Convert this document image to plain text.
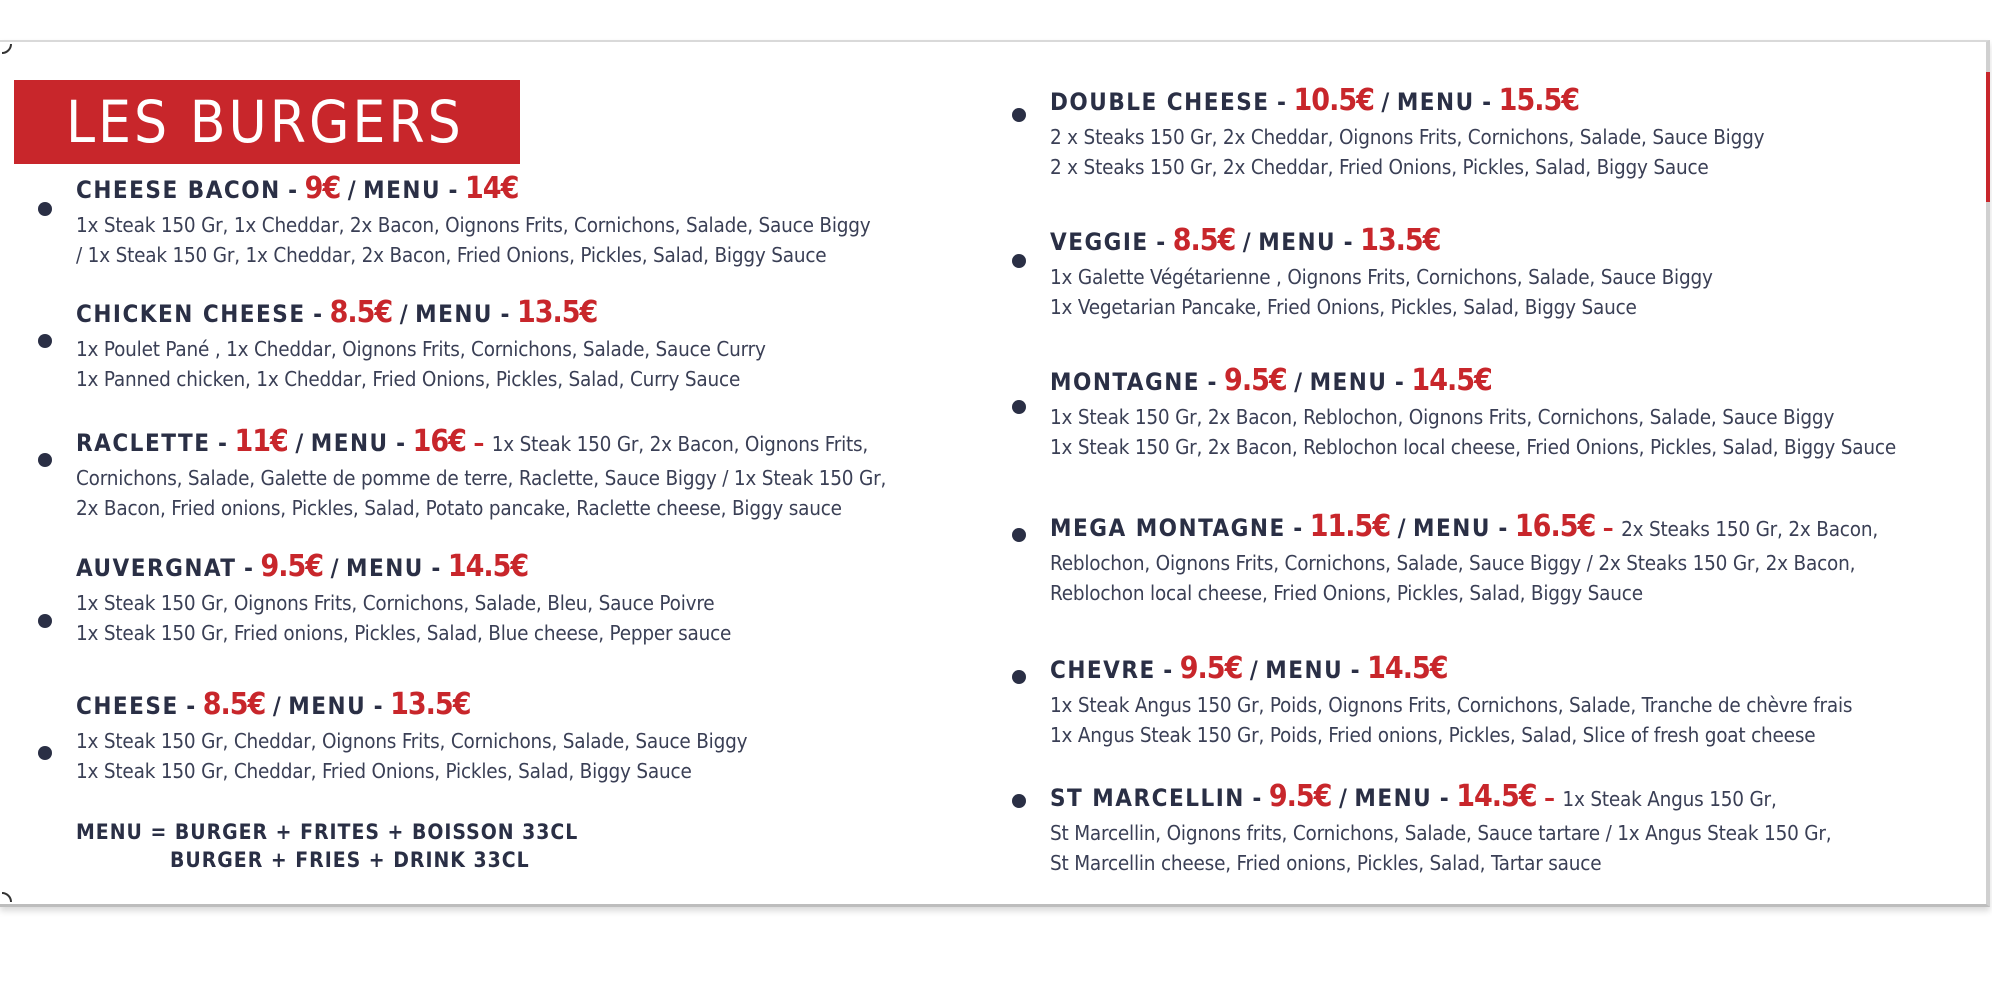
LES BURGERS
CHEESE BACON - 9€ / MENU - 14€
1x Steak 150 Gr, 1x Cheddar, 2x Bacon, Oignons Frits, Cornichons, Salade, Sauce Biggy
/ 1x Steak 150 Gr, 1x Cheddar, 2x Bacon, Fried Onions, Pickles, Salad, Biggy Sauce
CHICKEN CHEESE - 8.5€ / MENU - 13.5€
1x Poulet Pané , 1x Cheddar, Oignons Frits, Cornichons, Salade, Sauce Curry
1x Panned chicken, 1x Cheddar, Fried Onions, Pickles, Salad, Curry Sauce
RACLETTE - 11€ / MENU - 16€ – 1x Steak 150 Gr, 2x Bacon, Oignons Frits,
Cornichons, Salade, Galette de pomme de terre, Raclette, Sauce Biggy / 1x Steak 150 Gr,
2x Bacon, Fried onions, Pickles, Salad, Potato pancake, Raclette cheese, Biggy sauce
AUVERGNAT - 9.5€ / MENU - 14.5€
1x Steak 150 Gr, Oignons Frits, Cornichons, Salade, Bleu, Sauce Poivre
1x Steak 150 Gr, Fried onions, Pickles, Salad, Blue cheese, Pepper sauce
CHEESE - 8.5€ / MENU - 13.5€
1x Steak 150 Gr, Cheddar, Oignons Frits, Cornichons, Salade, Sauce Biggy
1x Steak 150 Gr, Cheddar, Fried Onions, Pickles, Salad, Biggy Sauce
DOUBLE CHEESE - 10.5€ / MENU - 15.5€
2 x Steaks 150 Gr, 2x Cheddar, Oignons Frits, Cornichons, Salade, Sauce Biggy
2 x Steaks 150 Gr, 2x Cheddar, Fried Onions, Pickles, Salad, Biggy Sauce
VEGGIE - 8.5€ / MENU - 13.5€
1x Galette Végétarienne , Oignons Frits, Cornichons, Salade, Sauce Biggy
1x Vegetarian Pancake, Fried Onions, Pickles, Salad, Biggy Sauce
MONTAGNE - 9.5€ / MENU - 14.5€
1x Steak 150 Gr, 2x Bacon, Reblochon, Oignons Frits, Cornichons, Salade, Sauce Biggy
1x Steak 150 Gr, 2x Bacon, Reblochon local cheese, Fried Onions, Pickles, Salad, Biggy Sauce
MEGA MONTAGNE - 11.5€ / MENU - 16.5€ – 2x Steaks 150 Gr, 2x Bacon,
Reblochon, Oignons Frits, Cornichons, Salade, Sauce Biggy / 2x Steaks 150 Gr, 2x Bacon,
Reblochon local cheese, Fried Onions, Pickles, Salad, Biggy Sauce
CHEVRE - 9.5€ / MENU - 14.5€
1x Steak Angus 150 Gr, Poids, Oignons Frits, Cornichons, Salade, Tranche de chèvre frais
1x Angus Steak 150 Gr, Poids, Fried onions, Pickles, Salad, Slice of fresh goat cheese
ST MARCELLIN - 9.5€ / MENU - 14.5€ – 1x Steak Angus 150 Gr,
St Marcellin, Oignons frits, Cornichons, Salade, Sauce tartare / 1x Angus Steak 150 Gr,
St Marcellin cheese, Fried onions, Pickles, Salad, Tartar sauce
MENU = BURGER + FRITES + BOISSON 33CL
BURGER + FRIES + DRINK 33CL
